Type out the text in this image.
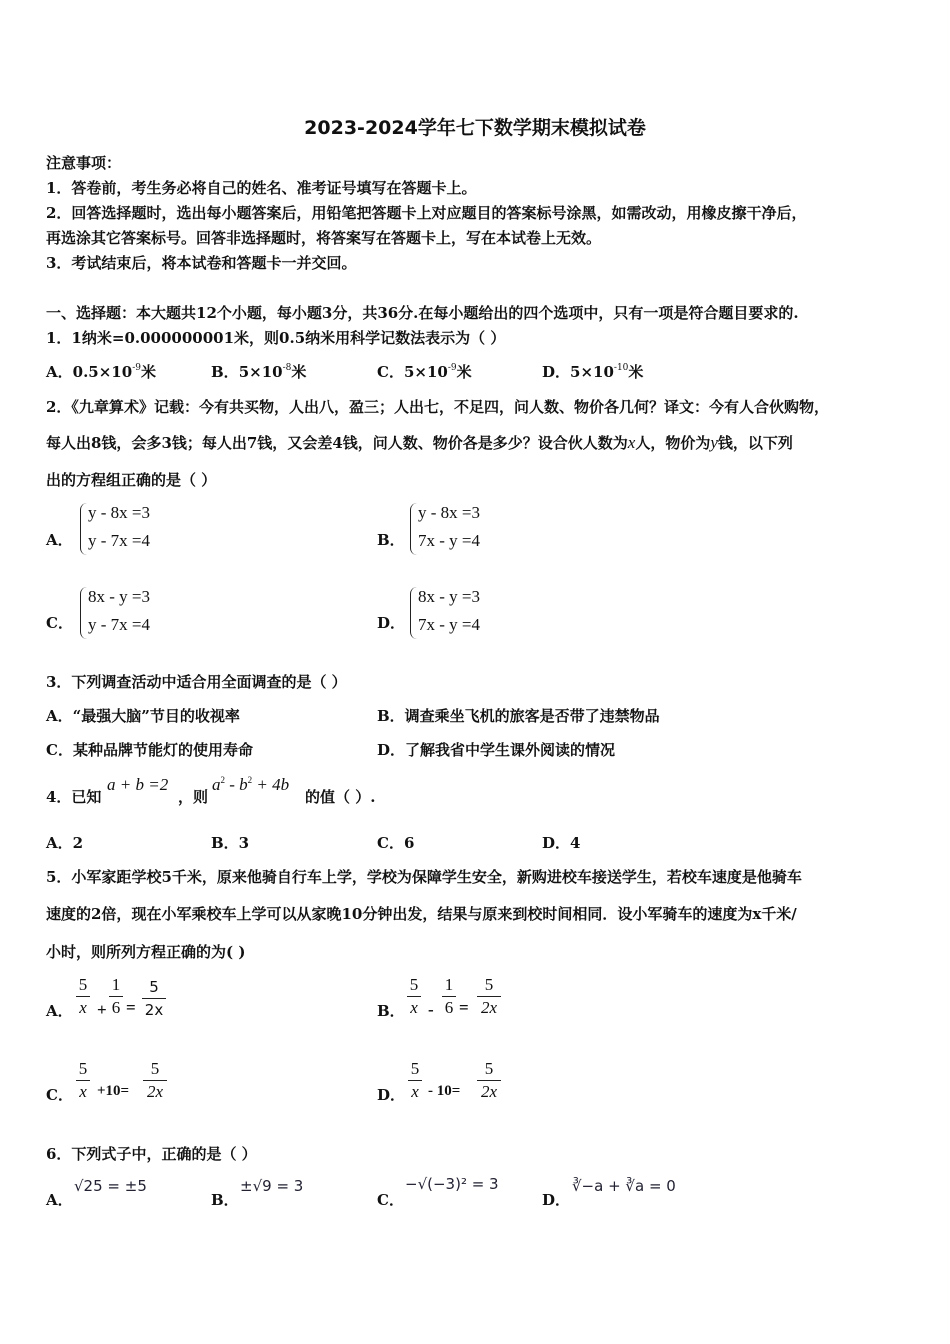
2023-2024学年七下数学期末模拟试卷
注意事项：
1．答卷前，考生务必将自己的姓名、准考证号填写在答题卡上。
2．回答选择题时，选出每小题答案后，用铅笔把答题卡上对应题目的答案标号涂黑，如需改动，用橡皮擦干净后，
再选涂其它答案标号。回答非选择题时，将答案写在答题卡上，写在本试卷上无效。
3．考试结束后，将本试卷和答题卡一并交回。
一、选择题：本大题共12个小题，每小题3分，共36分.在每小题给出的四个选项中，只有一项是符合题目要求的.
1．1纳米=0.000000001米，则0.5纳米用科学记数法表示为（ ）
A．$0.5\times 10^{-9}$米	B．$5\times 10^{-8}$米	C．$5\times 10^{-9}$米	D．$5\times 10^{-10}$米
2．《九章算术》记载：今有共买物，人出八，盈三；人出七，不足四，问人数、物价各几何？译文：今有人合伙购物，
每人出8钱，会多3钱；每人出7钱，又会差4钱，问人数、物价各是多少？设合伙人数为x人，物价为y钱，以下列
出的方程组正确的是（ ）
A．
y - 8x =3
y - 7x =4	B．
y - 8x =3
7x - y =4
C．
8x - y =3
y - 7x =4	D．
8x - y =3
7x - y =4
3．下列调查活动中适合用全面调查的是（ ）
A．“最强大脑”节目的收视率	B．调查乘坐飞机的旅客是否带了违禁物品
C．某种品牌节能灯的使用寿命	D．了解我省中学生课外阅读的情况
4．已知
a + b =2
，则
$a^2 - b^2 + 4b$
的值（ ）.
A．2	B．3	C．6	D．4
5．小军家距学校5千米，原来他骑自行车上学，学校为保障学生安全，新购进校车接送学生，若校车速度是他骑车
速度的2倍，现在小军乘校车上学可以从家晚10分钟出发，结果与原来到校时间相同．设小军骑车的速度为x千米/
小时，则所列方程正确的为( )
A．
5
x +
1
6 =
5
2x	B．
5
x -
1
6 =
5
2x
C．
5
x +10=
5
2x	D．
5
x - 10=
5
2x
6．下列式子中，正确的是（ ）
A．
√25 = ±5
B．
±√9 = 3
C．
−√(−3)² = 3
D．
∛−a + ∛a = 0
